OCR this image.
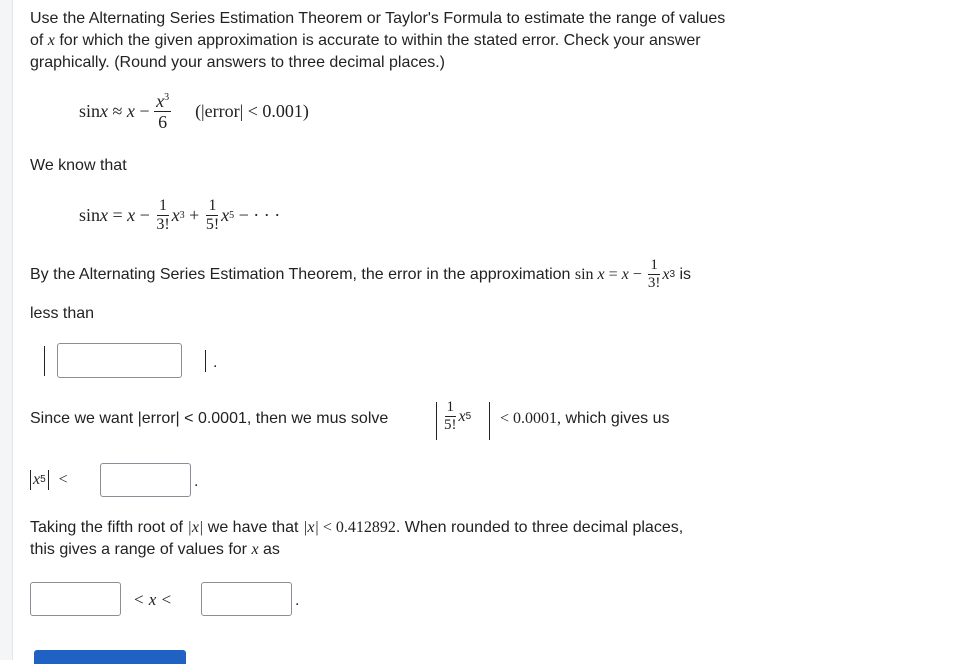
Use the Alternating Series Estimation Theorem or Taylor's Formula to estimate the range of values
of x for which the given approximation is accurate to within the stated error. Check your answer
graphically. (Round your answers to three decimal places.)
$\sin x \approx x - \frac{x^3}{6}$ (|error| < 0.001)
We know that
$\sin x = x - \frac{1}{3!}$ x $3 + \frac{1}{5!}$ x 5 − · · ·
By the Alternating Series Estimation Theorem, the error in the approximation $\sin x = x - \frac{1}{3!}$ x 3 is
less than
.
Since we want |error| < 0.0001, then we mus solve	$\frac{1}{5!}$ x 5 < 0.0001, which gives us
x 5 <	.
Taking the fifth root of |x| we have that |x| < 0.412892. When rounded to three decimal places,
this gives a range of values for x as
< x <	.
